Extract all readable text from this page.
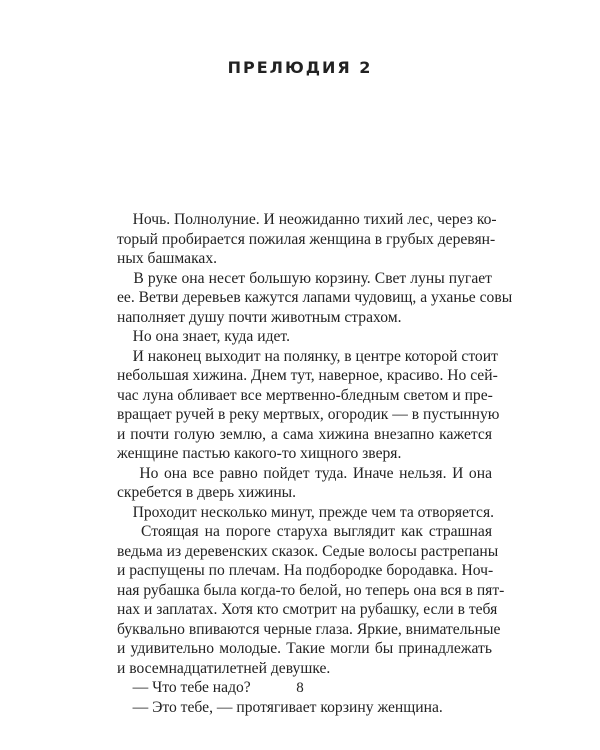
ПРЕЛЮДИЯ 2
Ночь. Полнолуние. И неожиданно тихий лес, через ко-
торый пробирается пожилая женщина в грубых деревян-
ных башмаках.
В руке она несет большую корзину. Свет луны пугает
ее. Ветви деревьев кажутся лапами чудовищ, а уханье совы
наполняет душу почти животным страхом.
Но она знает, куда идет.
И наконец выходит на полянку, в центре которой стоит
небольшая хижина. Днем тут, наверное, красиво. Но сей-
час луна обливает все мертвенно-бледным светом и пре-
вращает ручей в реку мертвых, огородик — в пустынную
и почти голую землю, а сама хижина внезапно кажется
женщине пастью какого-то хищного зверя.
Но она все равно пойдет туда. Иначе нельзя. И она
скребется в дверь хижины.
Проходит несколько минут, прежде чем та отворяется.
Стоящая на пороге старуха выглядит как страшная
ведьма из деревенских сказок. Седые волосы растрепаны
и распущены по плечам. На подбородке бородавка. Ноч-
ная рубашка была когда-то белой, но теперь она вся в пят-
нах и заплатах. Хотя кто смотрит на рубашку, если в тебя
буквально впиваются черные глаза. Яркие, внимательные
и удивительно молодые. Такие могли бы принадлежать
и восемнадцатилетней девушке.
— Что тебе надо?
— Это тебе, — протягивает корзину женщина.
8
